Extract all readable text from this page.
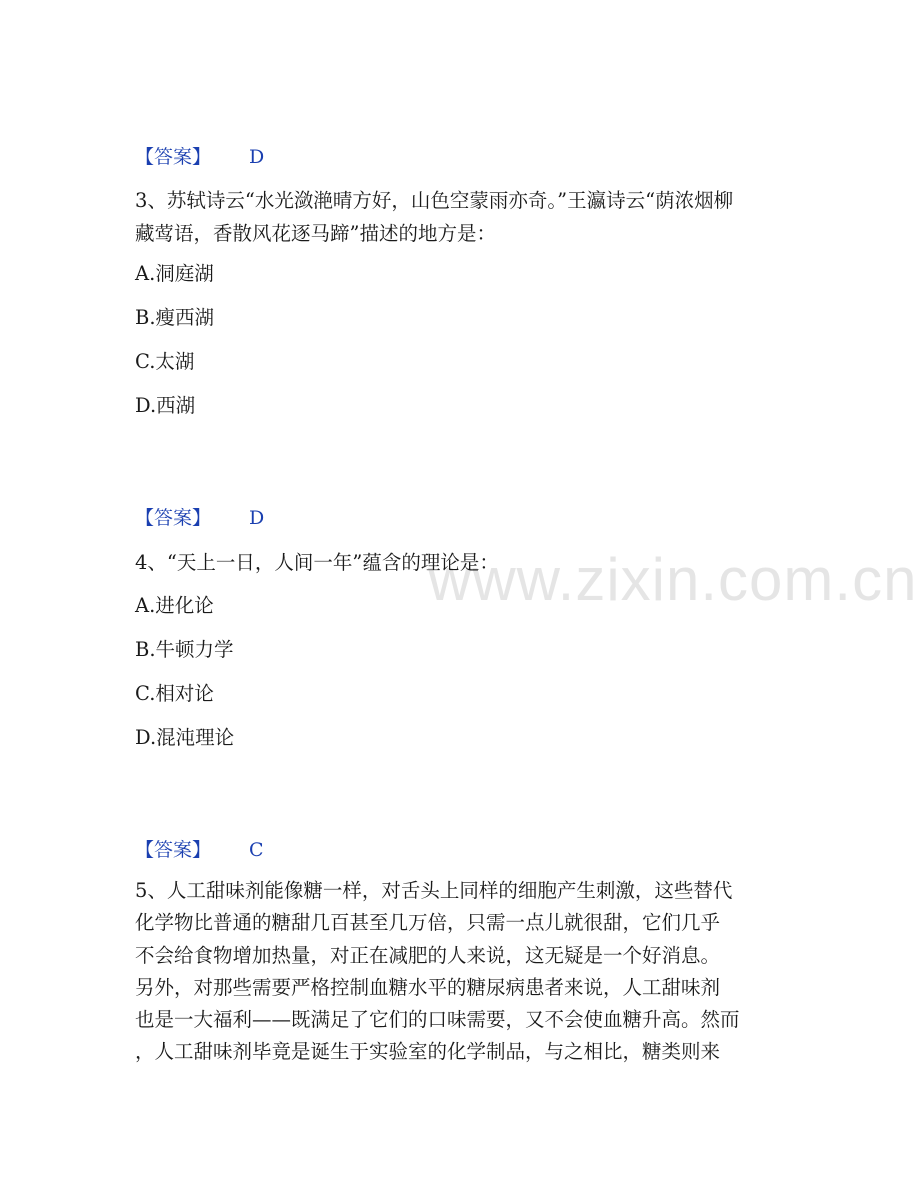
www.zixin.com.cn
【答案】 D
3、苏轼诗云“水光潋滟晴方好，山色空蒙雨亦奇。”王瀛诗云“荫浓烟柳
藏莺语，香散风花逐马蹄”描述的地方是：
A.洞庭湖
B.瘦西湖
C.太湖
D.西湖
【答案】 D
4、“天上一日，人间一年”蕴含的理论是：
A.进化论
B.牛顿力学
C.相对论
D.混沌理论
【答案】 C
5、人工甜味剂能像糖一样，对舌头上同样的细胞产生刺激，这些替代
化学物比普通的糖甜几百甚至几万倍，只需一点儿就很甜，它们几乎
不会给食物增加热量，对正在减肥的人来说，这无疑是一个好消息。
另外，对那些需要严格控制血糖水平的糖尿病患者来说，人工甜味剂
也是一大福利——既满足了它们的口味需要，又不会使血糖升高。然而
，人工甜味剂毕竟是诞生于实验室的化学制品，与之相比，糖类则来
